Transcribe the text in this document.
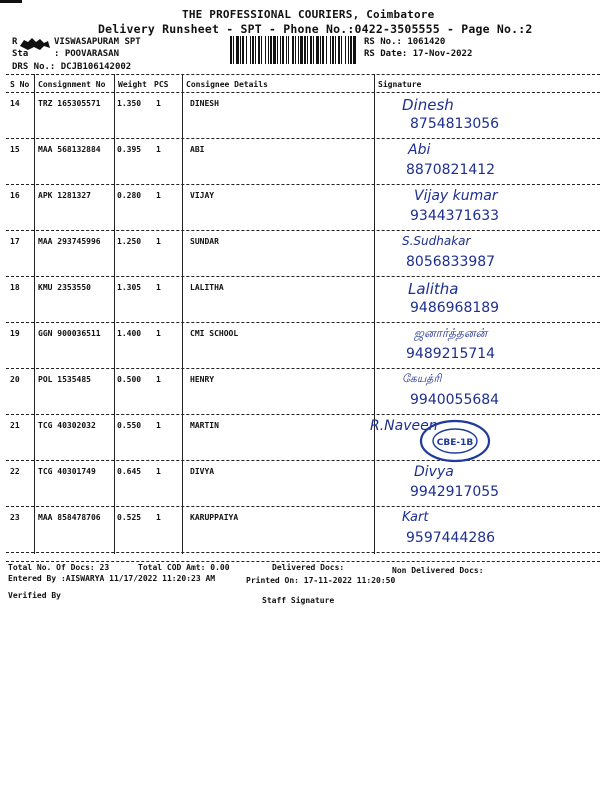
THE PROFESSIONAL COURIERS, Coimbatore
Delivery Runsheet - SPT - Phone No.:0422-3505555 - Page No.:2
R	VISWASAPURAM SPT
Sta	: POOVARASAN
DRS No.: DCJB106142002
RS No.: 1061420
RS Date: 17-Nov-2022
S No Consignment No Weight PCS Consignee Details	Signature
14 TRZ 165305571 1.350 1	DINESH	Dinesh
8754813056
15 MAA 568132884 0.395 1	ABI	Abi
8870821412
16 APK 1281327	0.280 1	VIJAY	Vijay kumar
9344371633
17 MAA 293745996 1.250 1	SUNDAR	S.Sudhakar
8056833987
18 KMU 2353550	1.305 1	LALITHA	Lalitha
9486968189
19 GGN 900036511 1.400 1	CMI SCHOOL	ஜனார்த்தனன்
9489215714
20 POL 1535485	0.500 1	HENRY	கேயத்ரி
9940055684
21 TCG 40302032	0.550 1	MARTIN	R.Naveen
22 TCG 40301749	0.645 1	DIVYA	Divya
9942917055
23 MAA 858478706 0.525 1	KARUPPAIYA	Kart
9597444286
CBE-1B
Total No. Of Docs: 23	Total COD Amt: 0.00	Delivered Docs:	Non Delivered Docs:
Entered By :AISWARYA 11/17/2022 11:20:23 AM	Printed On: 17-11-2022 11:20:50
Verified By
Staff Signature
